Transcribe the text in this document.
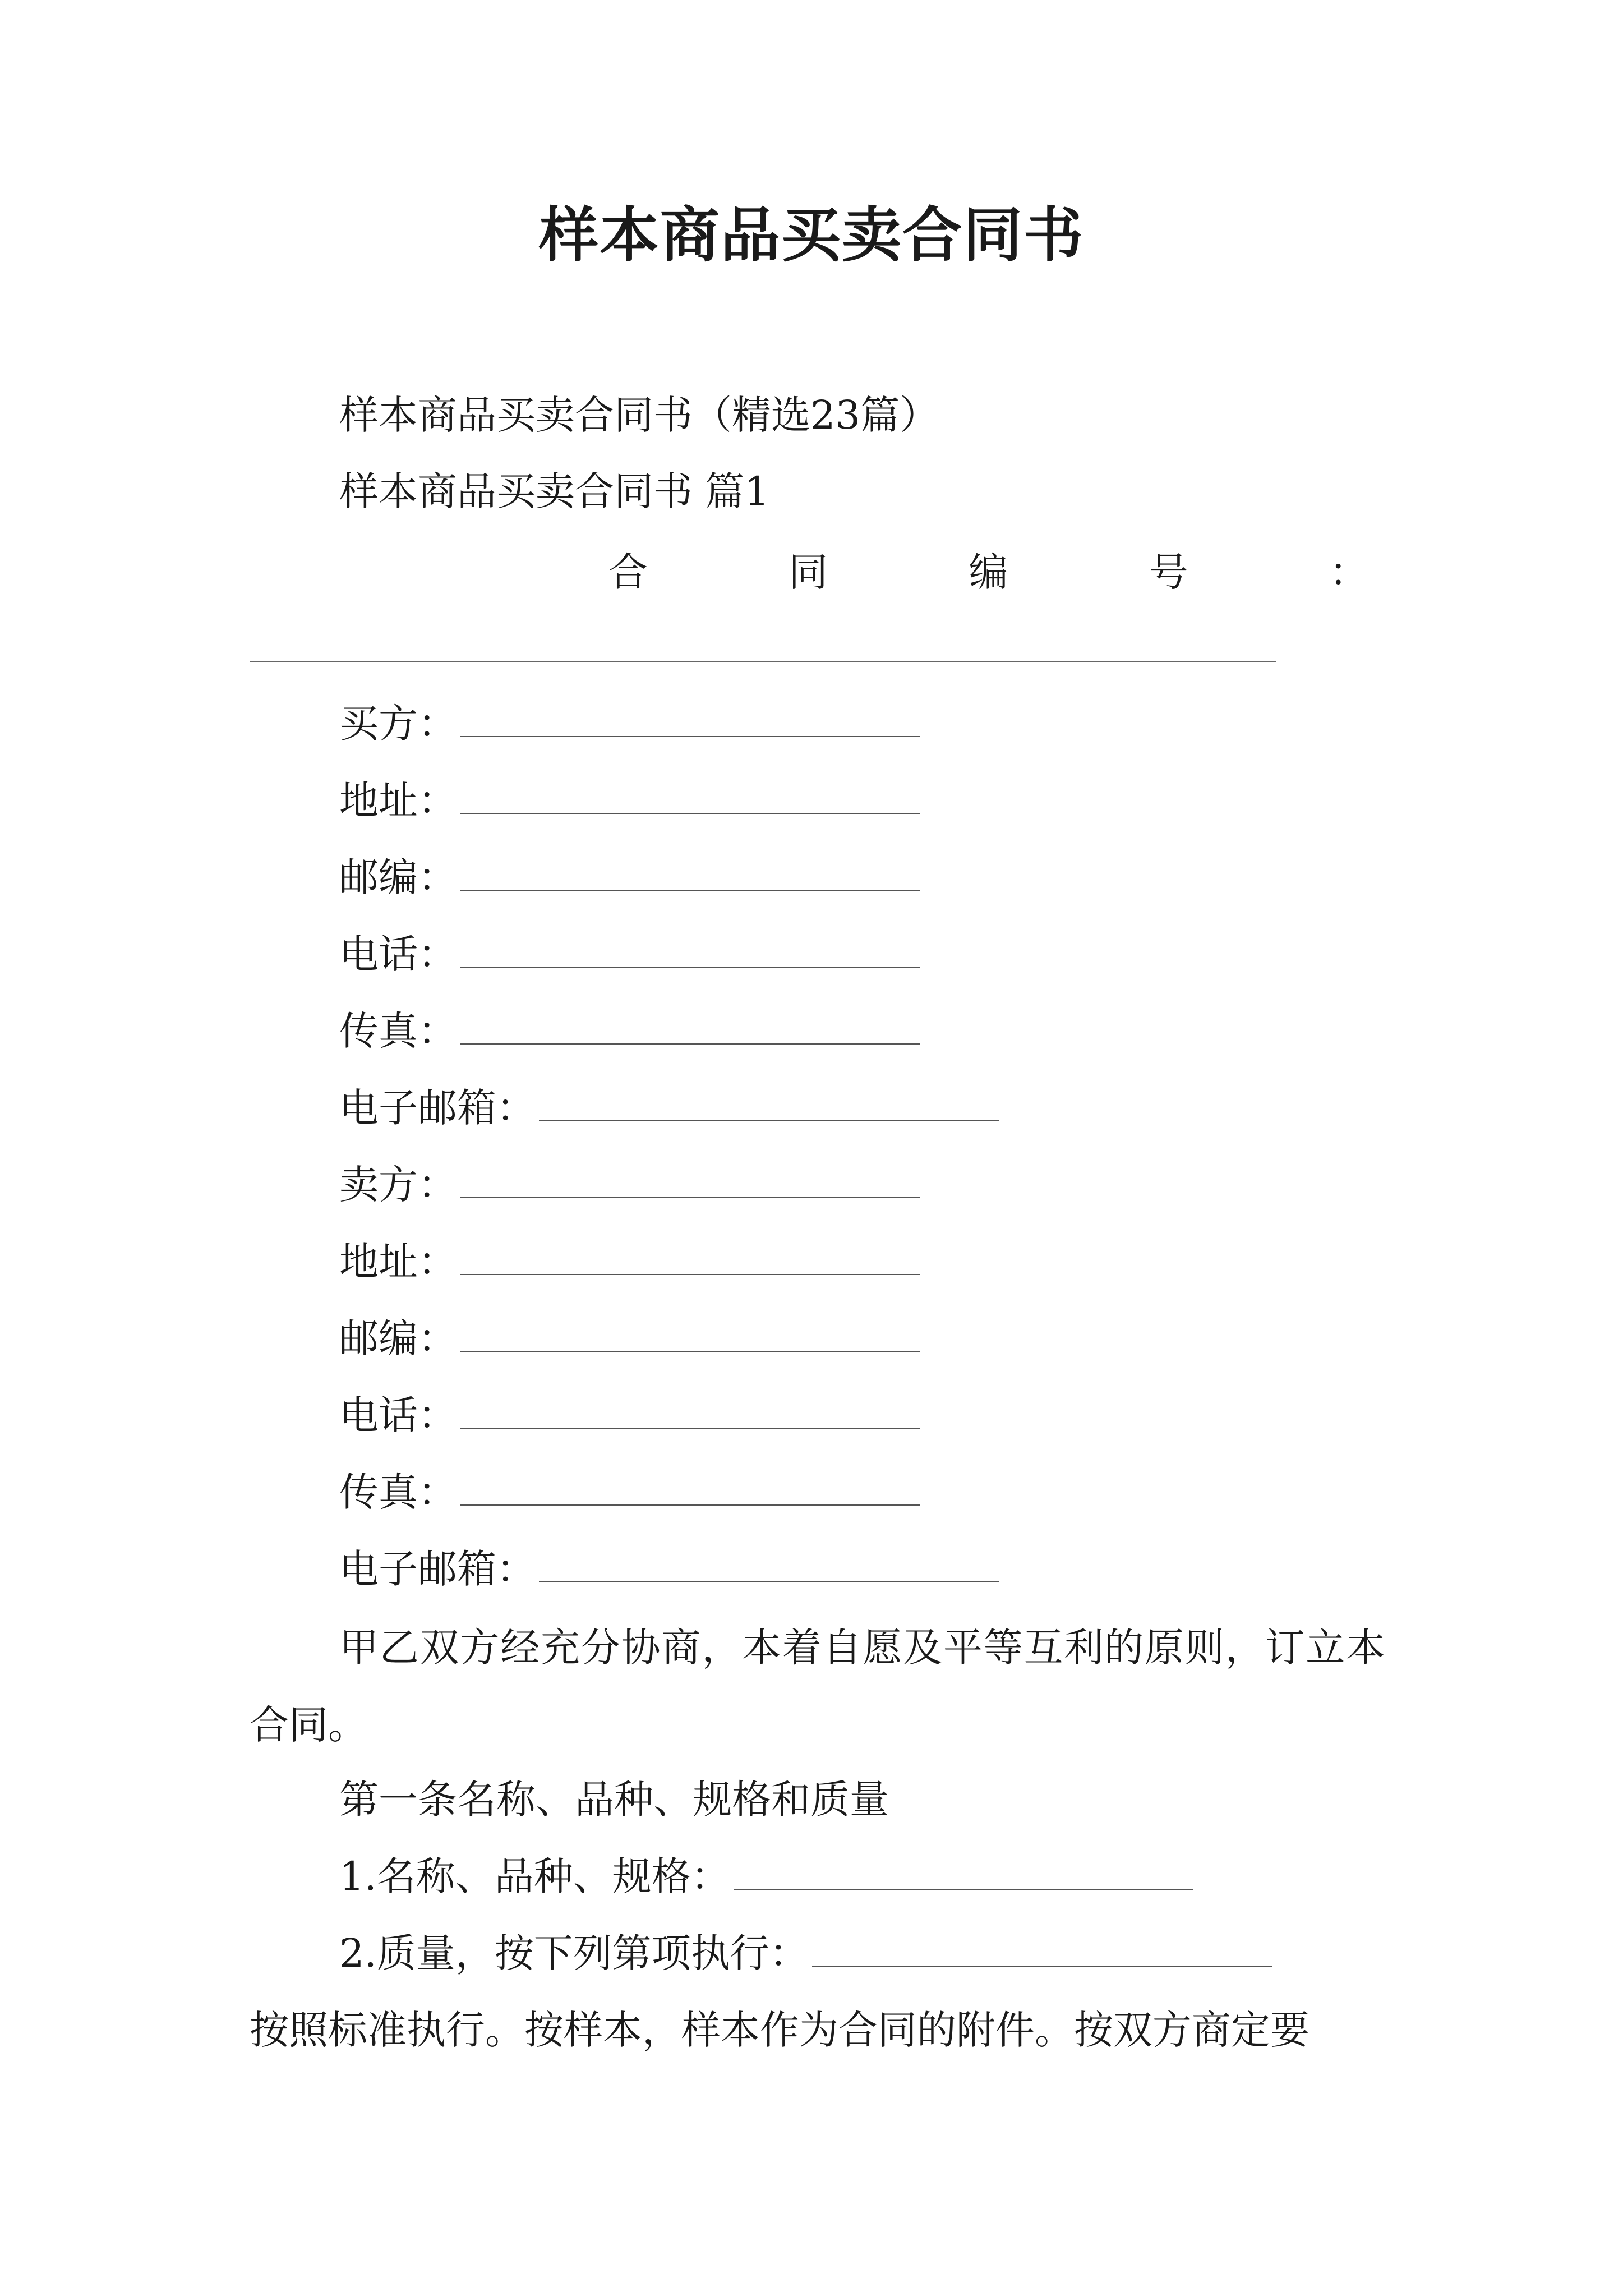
样本商品买卖合同书
样本商品买卖合同书（精选23篇）
样本商品买卖合同书 篇1
合	同	编	号	：
买方：
地址：
邮编：
电话：
传真：
电子邮箱：
卖方：
地址：
邮编：
电话：
传真：
电子邮箱：
甲乙双方经充分协商，本着自愿及平等互利的原则，订立本合同。
第一条名称、品种、规格和质量
1.名称、品种、规格：
2.质量，按下列第项执行：
按照标准执行。按样本，样本作为合同的附件。按双方商定要
